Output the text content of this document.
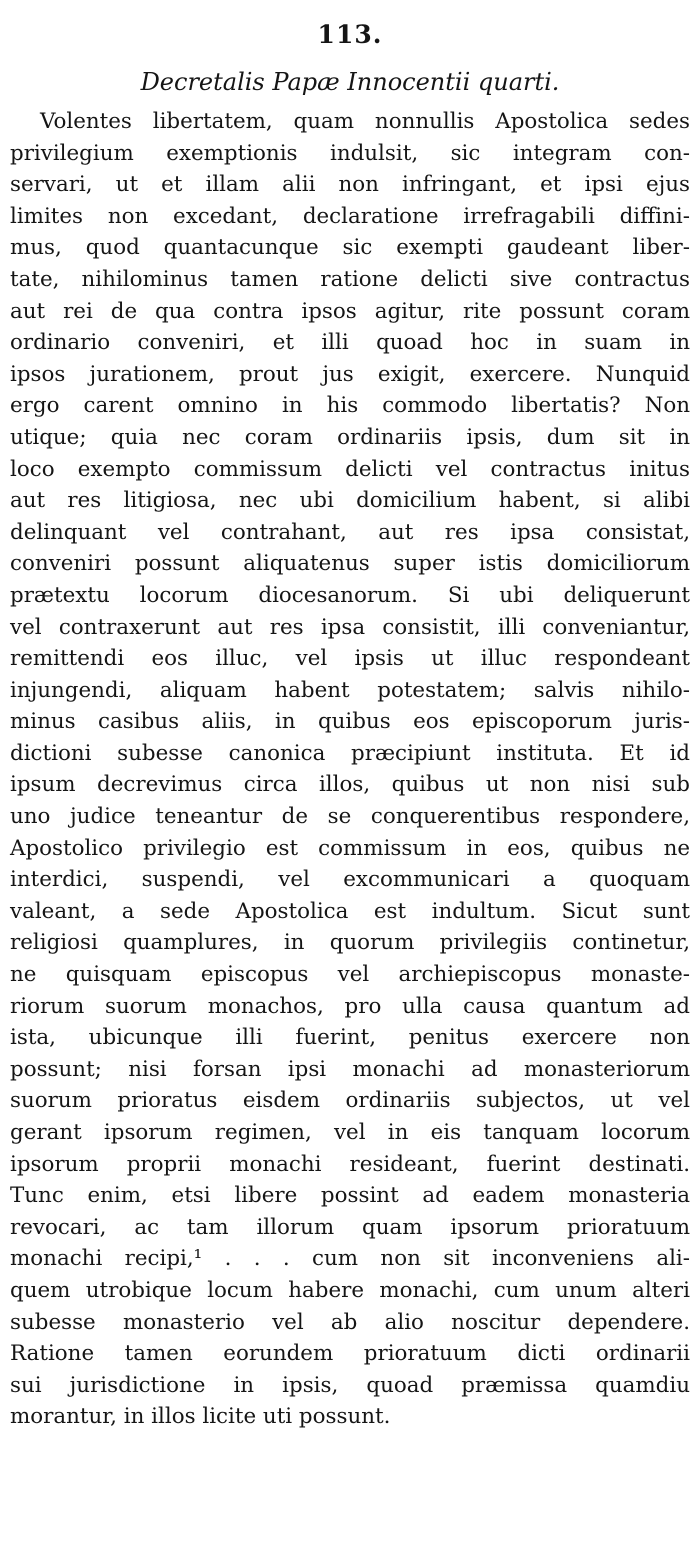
113.
Decretalis Papæ Innocentii quarti.
Volentes libertatem, quam nonnullis Apostolica sedes
privilegium exemptionis indulsit, sic integram con-
servari, ut et illam alii non infringant, et ipsi ejus
limites non excedant, declaratione irrefragabili diffini-
mus, quod quantacunque sic exempti gaudeant liber-
tate, nihilominus tamen ratione delicti sive contractus
aut rei de qua contra ipsos agitur, rite possunt coram
ordinario conveniri, et illi quoad hoc in suam in
ipsos jurationem, prout jus exigit, exercere. Nunquid
ergo carent omnino in his commodo libertatis? Non
utique; quia nec coram ordinariis ipsis, dum sit in
loco exempto commissum delicti vel contractus initus
aut res litigiosa, nec ubi domicilium habent, si alibi
delinquant vel contrahant, aut res ipsa consistat,
conveniri possunt aliquatenus super istis domiciliorum
prætextu locorum diocesanorum. Si ubi deliquerunt
vel contraxerunt aut res ipsa consistit, illi conveniantur,
remittendi eos illuc, vel ipsis ut illuc respondeant
injungendi, aliquam habent potestatem; salvis nihilo-
minus casibus aliis, in quibus eos episcoporum juris-
dictioni subesse canonica præcipiunt instituta. Et id
ipsum decrevimus circa illos, quibus ut non nisi sub
uno judice teneantur de se conquerentibus respondere,
Apostolico privilegio est commissum in eos, quibus ne
interdici, suspendi, vel excommunicari a quoquam
valeant, a sede Apostolica est indultum. Sicut sunt
religiosi quamplures, in quorum privilegiis continetur,
ne quisquam episcopus vel archiepiscopus monaste-
riorum suorum monachos, pro ulla causa quantum ad
ista, ubicunque illi fuerint, penitus exercere non
possunt; nisi forsan ipsi monachi ad monasteriorum
suorum prioratus eisdem ordinariis subjectos, ut vel
gerant ipsorum regimen, vel in eis tanquam locorum
ipsorum proprii monachi resideant, fuerint destinati.
Tunc enim, etsi libere possint ad eadem monasteria
revocari, ac tam illorum quam ipsorum prioratuum
monachi recipi,¹ . . . cum non sit inconveniens ali-
quem utrobique locum habere monachi, cum unum alteri
subesse monasterio vel ab alio noscitur dependere.
Ratione tamen eorundem prioratuum dicti ordinarii
sui jurisdictione in ipsis, quoad præmissa quamdiu
morantur, in illos licite uti possunt.
